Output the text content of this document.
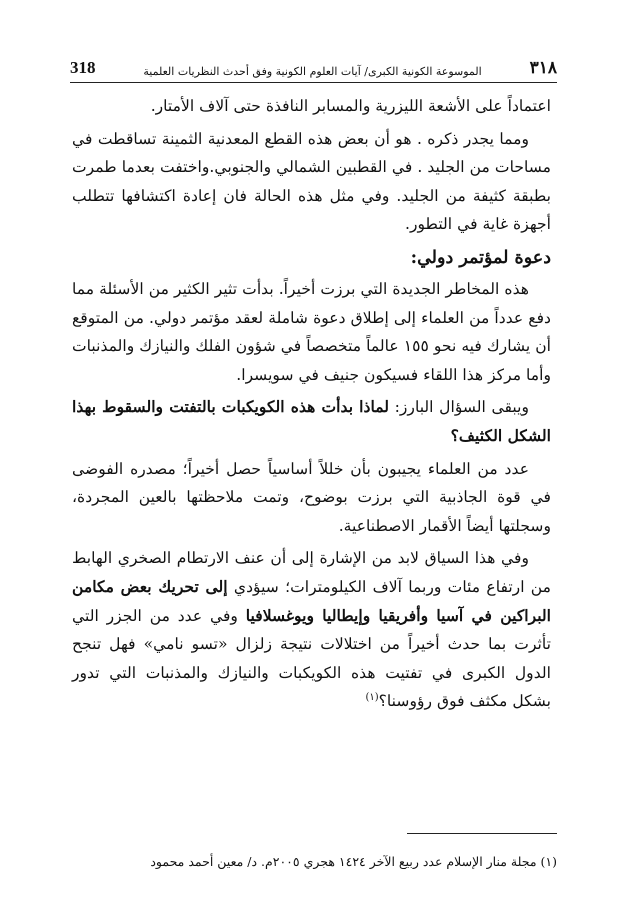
318	الموسوعة الكونية الكبرى/ آيات العلوم الكونية وفق أحدث النظريات العلمية	٣١٨

اعتماداً على الأشعة الليزرية والمسابر النافذة حتى آلاف الأمتار.

ومما يجدر ذكره . هو أن بعض هذه القطع المعدنية الثمينة تساقطت في مساحات من الجليد . في القطبين الشمالي والجنوبي.واختفت بعدما طمرت بطبقة كثيفة من الجليد. وفي مثل هذه الحالة فان إعادة اكتشافها تتطلب أجهزة غاية في التطور.

دعوة لمؤتمر دولي:

هذه المخاطر الجديدة التي برزت أخيراً. بدأت تثير الكثير من الأسئلة مما دفع عدداً من العلماء إلى إطلاق دعوة شاملة لعقد مؤتمر دولي. من المتوقع أن يشارك فيه نحو ١٥٥ عالماً متخصصاً في شؤون الفلك والنيازك والمذنبات وأما مركز هذا اللقاء فسيكون جنيف في سويسرا.

ويبقى السؤال البارز: لماذا بدأت هذه الكويكبات بالتفتت والسقوط بهذا الشكل الكثيف؟

عدد من العلماء يجيبون بأن خللاً أساسياً حصل أخيراً؛ مصدره الفوضى في قوة الجاذبية التي برزت بوضوح، وتمت ملاحظتها بالعين المجردة، وسجلتها أيضاً الأقمار الاصطناعية.

وفي هذا السياق لابد من الإشارة إلى أن عنف الارتطام الصخري الهابط من ارتفاع مئات وربما آلاف الكيلومترات؛ سيؤدي إلى تحريك بعض مكامن البراكين في آسيا وأفريقيا وإيطاليا ويوغسلافيا وفي عدد من الجزر التي تأثرت بما حدث أخيراً من اختلالات نتيجة زلزال «تسو نامي» فهل تنجح الدول الكبرى في تفتيت هذه الكويكبات والنيازك والمذنبات التي تدور بشكل مكثف فوق رؤوسنا؟$^{(١)}$

(١) مجلة منار الإسلام عدد ربيع الآخر ١٤٢٤ هجري ٢٠٠٥م. د/ معين أحمد محمود
